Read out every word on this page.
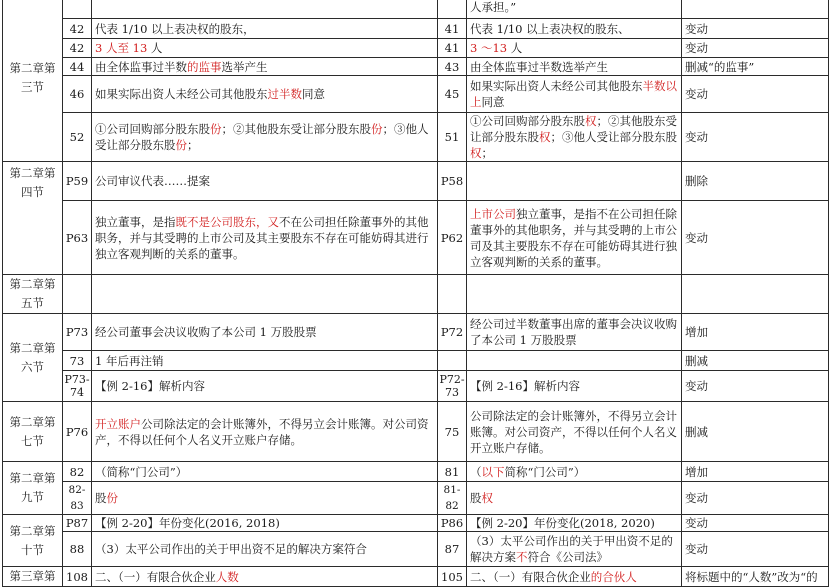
第二章第三节				人承担。”	
	42	代表 1/10 以上表决权的股东，	41	代表 1/10 以上表决权的股东、	变动
	42	3 人至 13 人	41	3 ～13 人	变动
	44	由全体监事过半数的监事选举产生	43	由全体监事过半数选举产生	删减“的监事”
	46	如果实际出资人未经公司其他股东过半数同意	45	如果实际出资人未经公司其他股东半数以上同意	变动
	52	①公司回购部分股东股份；②其他股东受让部分股东股份；③他人受让部分股东股份；	51	①公司回购部分股东股权；②其他股东受让部分股东股权；③他人受让部分股东股权；	变动
第二章第四节	P59	公司审议代表……提案	P58		删除
	P63	独立董事，是指既不是公司股东，又不在公司担任除董事外的其他职务，并与其受聘的上市公司及其主要股东不存在可能妨碍其进行独立客观判断的关系的董事。	P62	上市公司独立董事，是指不在公司担任除董事外的其他职务，并与其受聘的上市公司及其主要股东不存在可能妨碍其进行独立客观判断的关系的董事。	变动
第二章第五节					
第二章第六节	P73	经公司董事会决议收购了本公司 1 万股股票	P72	经公司过半数董事出席的董事会决议收购了本公司 1 万股股票	增加
	73	1 年后再注销			删减
	P73-74	【例 2-16】解析内容	P72-73	【例 2-16】解析内容	变动
第二章第七节	P76	开立账户公司除法定的会计账簿外，不得另立会计账簿。对公司资产，不得以任何个人名义开立账户存储。	75	公司除法定的会计账簿外，不得另立会计账簿。对公司资产，不得以任何个人名义开立账户存储。	删减
第二章第九节	82	（简称“门公司”）	81	（以下简称“门公司”）	增加
	82-83	股份	81-82	股权	变动
第二章第十节	P87	【例 2-20】年份变化(2016, 2018)	P86	【例 2-20】年份变化(2018, 2020)	变动
	88	（3）太平公司作出的关于甲出资不足的解决方案符合	87	（3）太平公司作出的关于甲出资不足的解决方案不符合《公司法》	变动
第三章第	108	二、（一）有限合伙企业人数	105	二、（一）有限合伙企业的合伙人	将标题中的“人数”改为“的
